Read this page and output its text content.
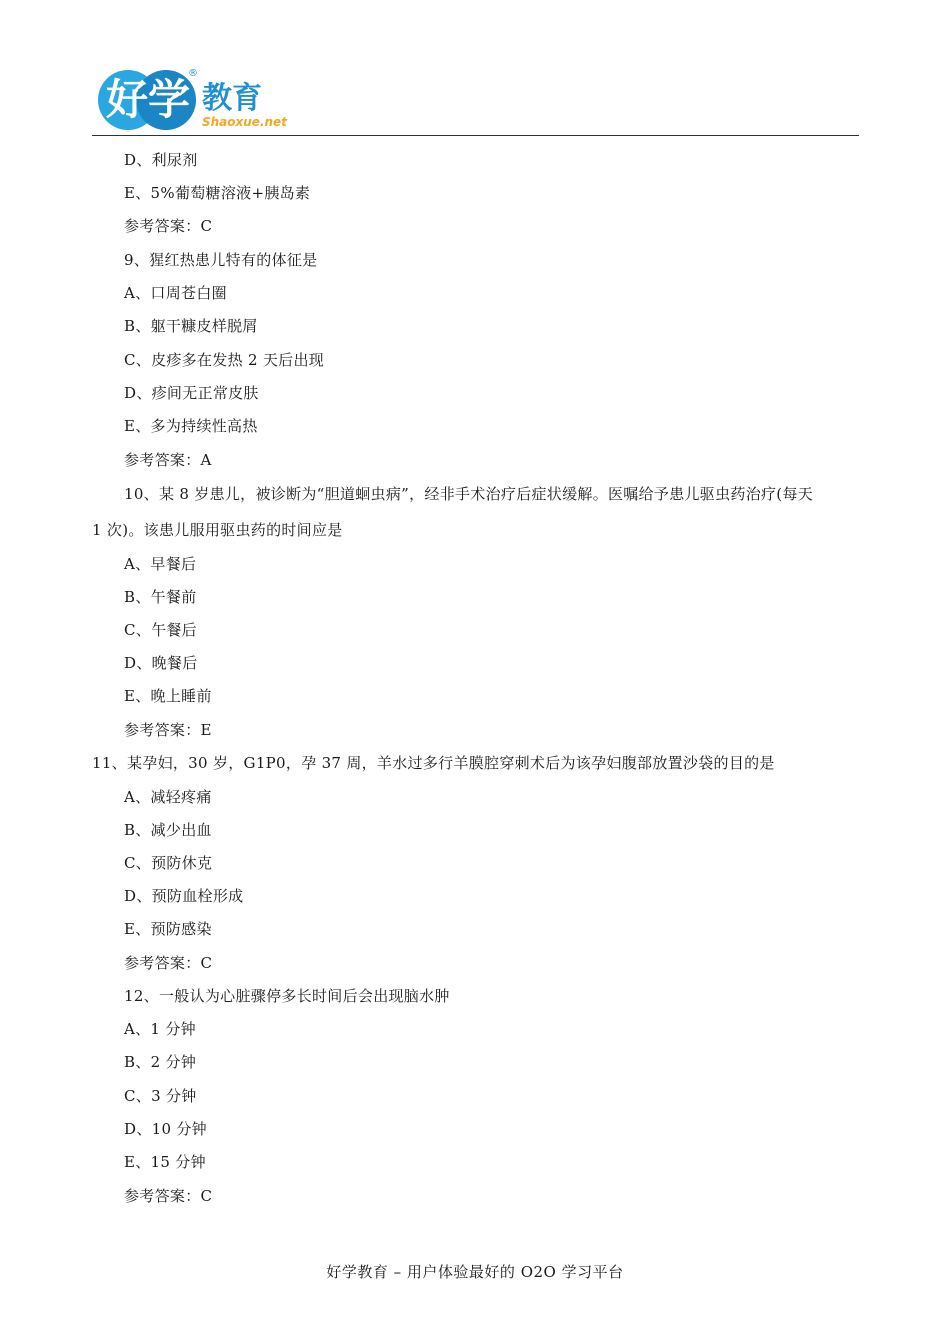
好学 教育
Shaoxue.net
®
D、利尿剂
E、5%葡萄糖溶液+胰岛素
参考答案：C
9、猩红热患儿特有的体征是
A、口周苍白圈
B、躯干糠皮样脱屑
C、皮疹多在发热 2 天后出现
D、疹间无正常皮肤
E、多为持续性高热
参考答案：A
10、某 8 岁患儿，被诊断为“胆道蛔虫病”，经非手术治疗后症状缓解。医嘱给予患儿驱虫药治疗(每天
1 次)。该患儿服用驱虫药的时间应是
A、早餐后
B、午餐前
C、午餐后
D、晚餐后
E、晚上睡前
参考答案：E
11、某孕妇，30 岁，G1P0，孕 37 周，羊水过多行羊膜腔穿刺术后为该孕妇腹部放置沙袋的目的是
A、减轻疼痛
B、减少出血
C、预防休克
D、预防血栓形成
E、预防感染
参考答案：C
12、一般认为心脏骤停多长时间后会出现脑水肿
A、1 分钟
B、2 分钟
C、3 分钟
D、10 分钟
E、15 分钟
参考答案：C
好学教育 – 用户体验最好的 O2O 学习平台
